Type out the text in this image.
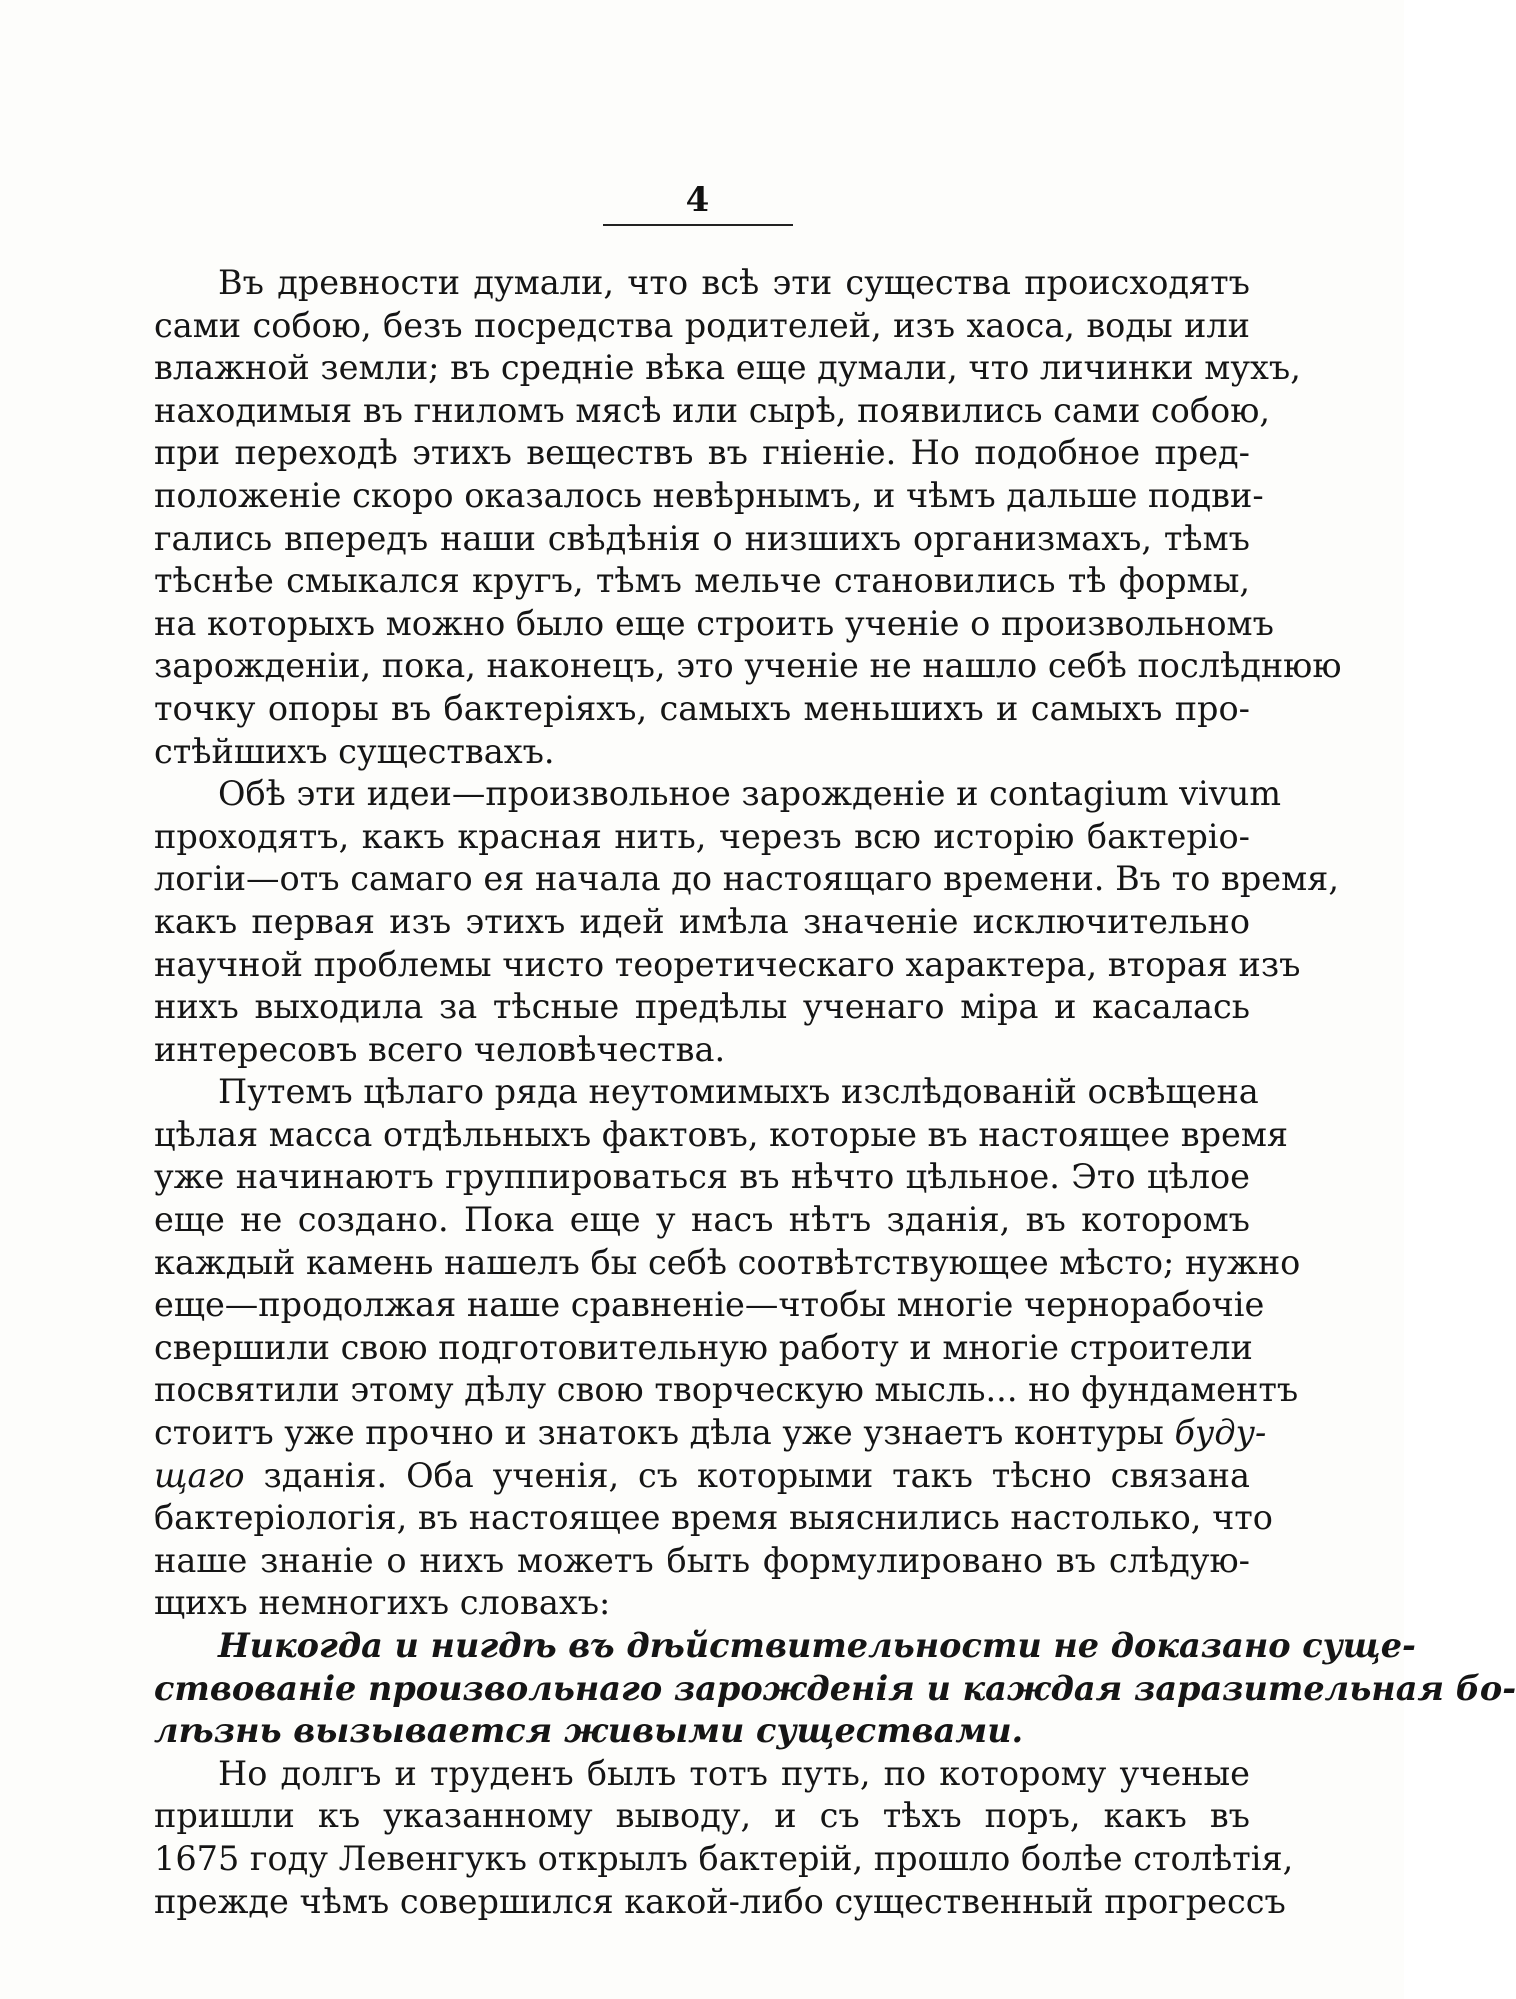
4
Въ древности думали, что всѣ эти существа происходятъ
сами собою, безъ посредства родителей, изъ хаоса, воды или
влажной земли; въ средніе вѣка еще думали, что личинки мухъ,
находимыя въ гниломъ мясѣ или сырѣ, появились сами собою,
при переходѣ этихъ веществъ въ гніеніе. Но подобное пред-
положеніе скоро оказалось невѣрнымъ, и чѣмъ дальше подви-
гались впередъ наши свѣдѣнія о низшихъ организмахъ, тѣмъ
тѣснѣе смыкался кругъ, тѣмъ мельче становились тѣ формы,
на которыхъ можно было еще строить ученіе о произвольномъ
зарожденіи, пока, наконецъ, это ученіе не нашло себѣ послѣднюю
точку опоры въ бактеріяхъ, самыхъ меньшихъ и самыхъ про-
стѣйшихъ существахъ.
Обѣ эти идеи—произвольное зарожденіе и contagium vivum
проходятъ, какъ красная нить, черезъ всю исторію бактеріо-
логіи—отъ самаго ея начала до настоящаго времени. Въ то время,
какъ первая изъ этихъ идей имѣла значеніе исключительно
научной проблемы чисто теоретическаго характера, вторая изъ
нихъ выходила за тѣсные предѣлы ученаго міра и касалась
интересовъ всего человѣчества.
Путемъ цѣлаго ряда неутомимыхъ изслѣдованій освѣщена
цѣлая масса отдѣльныхъ фактовъ, которые въ настоящее время
уже начинаютъ группироваться въ нѣчто цѣльное. Это цѣлое
еще не создано. Пока еще у насъ нѣтъ зданія, въ которомъ
каждый камень нашелъ бы себѣ соотвѣтствующее мѣсто; нужно
еще—продолжая наше сравненіе—чтобы многіе чернорабочіе
свершили свою подготовительную работу и многіе строители
посвятили этому дѣлу свою творческую мысль... но фундаментъ
стоитъ уже прочно и знатокъ дѣла уже узнаетъ контуры буду-
щаго зданія. Оба ученія, съ которыми такъ тѣсно связана
бактеріологія, въ настоящее время выяснились настолько, что
наше знаніе о нихъ можетъ быть формулировано въ слѣдую-
щихъ немногихъ словахъ:
Никогда и нигдѣ въ дѣйствительности не доказано суще-
ствованіе произвольнаго зарожденія и каждая заразительная бо-
лѣзнь вызывается живыми существами.
Но долгъ и труденъ былъ тотъ путь, по которому ученые
пришли къ указанному выводу, и съ тѣхъ поръ, какъ въ
1675 году Левенгукъ открылъ бактерій, прошло болѣе столѣтія,
прежде чѣмъ совершился какой-либо существенный прогрессъ
